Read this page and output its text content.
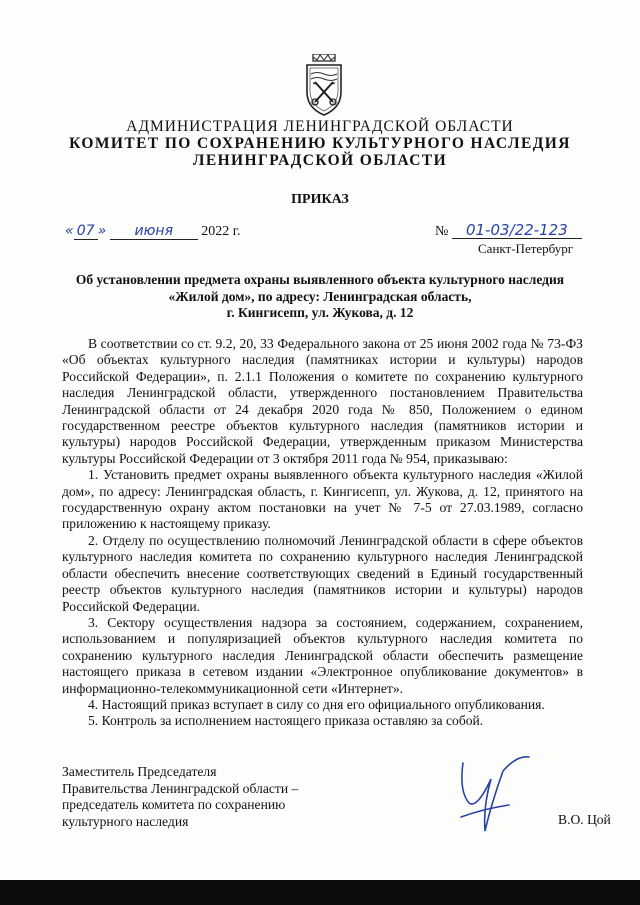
АДМИНИСТРАЦИЯ ЛЕНИНГРАДСКОЙ ОБЛАСТИ
КОМИТЕТ ПО СОХРАНЕНИЮ КУЛЬТУРНОГО НАСЛЕДИЯ
ЛЕНИНГРАДСКОЙ ОБЛАСТИ
ПРИКАЗ
« 07 » июня 2022 г.	№ 01-03/22-123
Санкт-Петербург
Об установлении предмета охраны выявленного объекта культурного наследия
«Жилой дом», по адресу: Ленинградская область,
г. Кингисепп, ул. Жукова, д. 12

В соответствии со ст. 9.2, 20, 33 Федерального закона от 25 июня 2002 года № 73-ФЗ «Об объектах культурного наследия (памятниках истории и культуры) народов Российской Федерации», п. 2.1.1 Положения о комитете по сохранению культурного наследия Ленинградской области, утвержденного постановлением Правительства Ленинградской области от 24 декабря 2020 года № 850, Положением о едином государственном реестре объектов культурного наследия (памятников истории и культуры) народов Российской Федерации, утвержденным приказом Министерства культуры Российской Федерации от 3 октября 2011 года № 954, приказываю:

1. Установить предмет охраны выявленного объекта культурного наследия «Жилой дом», по адресу: Ленинградская область, г. Кингисепп, ул. Жукова, д. 12, принятого на государственную охрану актом постановки на учет № 7-5 от 27.03.1989, согласно приложению к настоящему приказу.

2. Отделу по осуществлению полномочий Ленинградской области в сфере объектов культурного наследия комитета по сохранению культурного наследия Ленинградской области обеспечить внесение соответствующих сведений в Единый государственный реестр объектов культурного наследия (памятников истории и культуры) народов Российской Федерации.

3. Сектору осуществления надзора за состоянием, содержанием, сохранением, использованием и популяризацией объектов культурного наследия комитета по сохранению культурного наследия Ленинградской области обеспечить размещение настоящего приказа в сетевом издании «Электронное опубликование документов» в информационно-телекоммуникационной сети «Интернет».

4. Настоящий приказ вступает в силу со дня его официального опубликования.

5. Контроль за исполнением настоящего приказа оставляю за собой.

Заместитель Председателя
Правительства Ленинградской области –
председатель комитета по сохранению
культурного наследия	В.О. Цой
